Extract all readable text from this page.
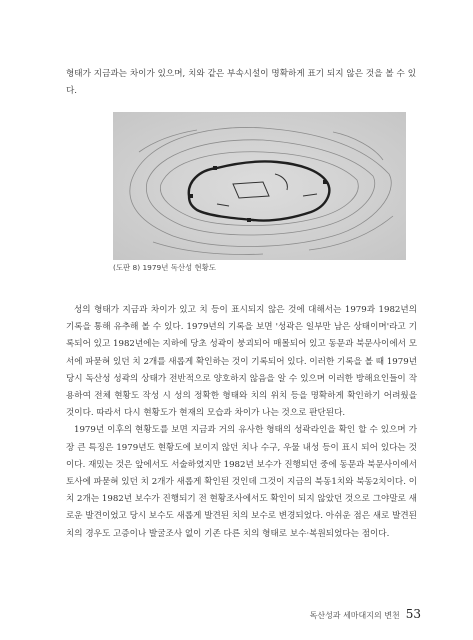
형태가 지금과는 차이가 있으며, 치와 같은 부속시설이 명확하게 표기 되지 않은 것을 볼 수 있다.

(도판 8) 1979년 독산성 현황도

성의 형태가 지금과 차이가 있고 치 등이 표시되지 않은 것에 대해서는 1979과 1982년의 기록을 통해 유추해 볼 수 있다. 1979년의 기록을 보면 '성곽은 일부만 남은 상태이며'라고 기록되어 있고 1982년에는 지하에 당초 성곽이 붕괴되어 매몰되어 있고 동문과 북문사이에서 모서에 파묻혀 있던 치 2개를 새롭게 확인하는 것이 기록되어 있다. 이러한 기록을 볼 때 1979년 당시 독산성 성곽의 상태가 전반적으로 양호하지 않음을 알 수 있으며 이러한 방해요인들이 작용하여 전체 현황도 작성 시 성의 정확한 형태와 치의 위치 등을 명확하게 확인하기 어려웠을 것이다. 따라서 다시 현황도가 현재의 모습과 차이가 나는 것으로 판단된다.

1979년 이후의 현황도를 보면 지금과 거의 유사한 형태의 성곽라인을 확인 할 수 있으며 가장 큰 특징은 1979년도 현황도에 보이지 않던 치나 수구, 우물 내성 등이 표시 되어 있다는 것이다. 재밌는 것은 앞에서도 서술하였지만 1982년 보수가 진행되던 중에 동문과 북문사이에서 토사에 파묻혀 있던 치 2개가 새롭게 확인된 것인데 그것이 지금의 북동1치와 북동2치이다. 이 치 2개는 1982년 보수가 진행되기 전 현황조사에서도 확인이 되지 않았던 것으로 그야말로 새로운 발견이었고 당시 보수도 새롭게 발견된 치의 보수로 변경되었다. 아쉬운 점은 새로 발견된 치의 경우도 고증이나 발굴조사 없이 기존 다른 치의 형태로 보수·복원되었다는 점이다.

독산성과 세마대지의 변천 53
